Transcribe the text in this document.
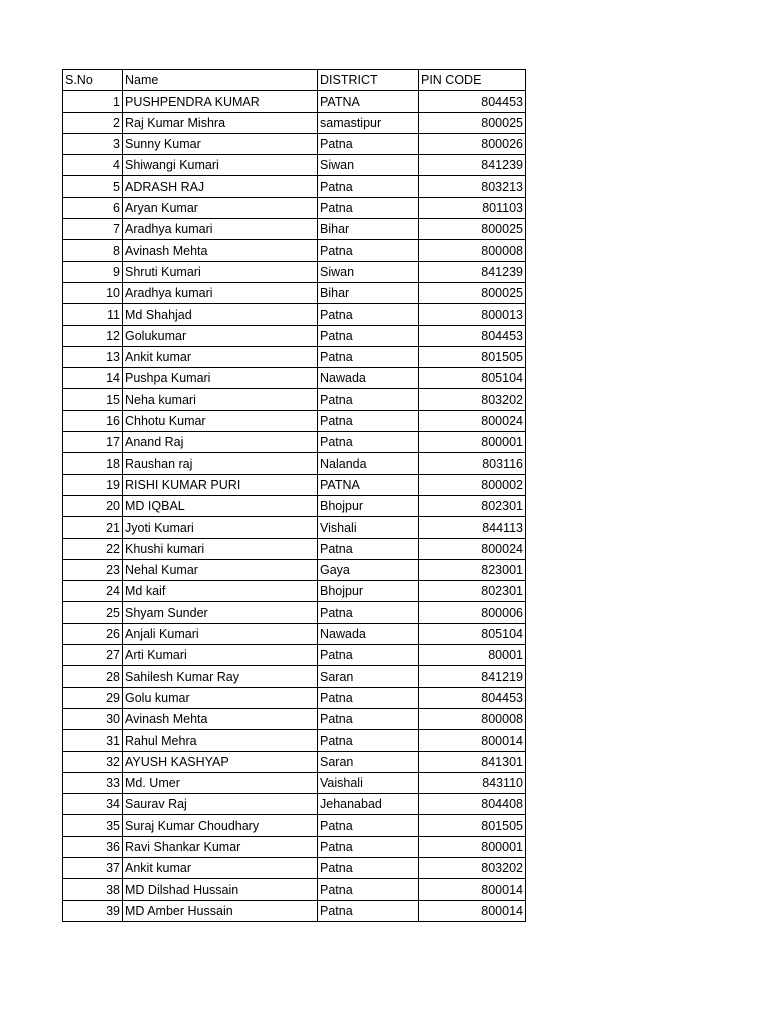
S.No	Name	DISTRICT	PIN CODE
1	PUSHPENDRA KUMAR	PATNA	804453
2	Raj Kumar Mishra	samastipur	800025
3	Sunny Kumar	Patna	800026
4	Shiwangi Kumari	Siwan	841239
5	ADRASH RAJ	Patna	803213
6	Aryan Kumar	Patna	801103
7	Aradhya kumari	Bihar	800025
8	Avinash Mehta	Patna	800008
9	Shruti Kumari	Siwan	841239
10	Aradhya kumari	Bihar	800025
11	Md Shahjad	Patna	800013
12	Golukumar	Patna	804453
13	Ankit kumar	Patna	801505
14	Pushpa Kumari	Nawada	805104
15	Neha kumari	Patna	803202
16	Chhotu Kumar	Patna	800024
17	Anand Raj	Patna	800001
18	Raushan raj	Nalanda	803116
19	RISHI KUMAR PURI	PATNA	800002
20	MD IQBAL	Bhojpur	802301
21	Jyoti Kumari	Vishali	844113
22	Khushi kumari	Patna	800024
23	Nehal Kumar	Gaya	823001
24	Md kaif	Bhojpur	802301
25	Shyam Sunder	Patna	800006
26	Anjali Kumari	Nawada	805104
27	Arti Kumari	Patna	80001
28	Sahilesh Kumar Ray	Saran	841219
29	Golu kumar	Patna	804453
30	Avinash Mehta	Patna	800008
31	Rahul Mehra	Patna	800014
32	AYUSH KASHYAP	Saran	841301
33	Md. Umer	Vaishali	843110
34	Saurav Raj	Jehanabad	804408
35	Suraj Kumar Choudhary	Patna	801505
36	Ravi Shankar Kumar	Patna	800001
37	Ankit kumar	Patna	803202
38	MD Dilshad Hussain	Patna	800014
39	MD Amber Hussain	Patna	800014
